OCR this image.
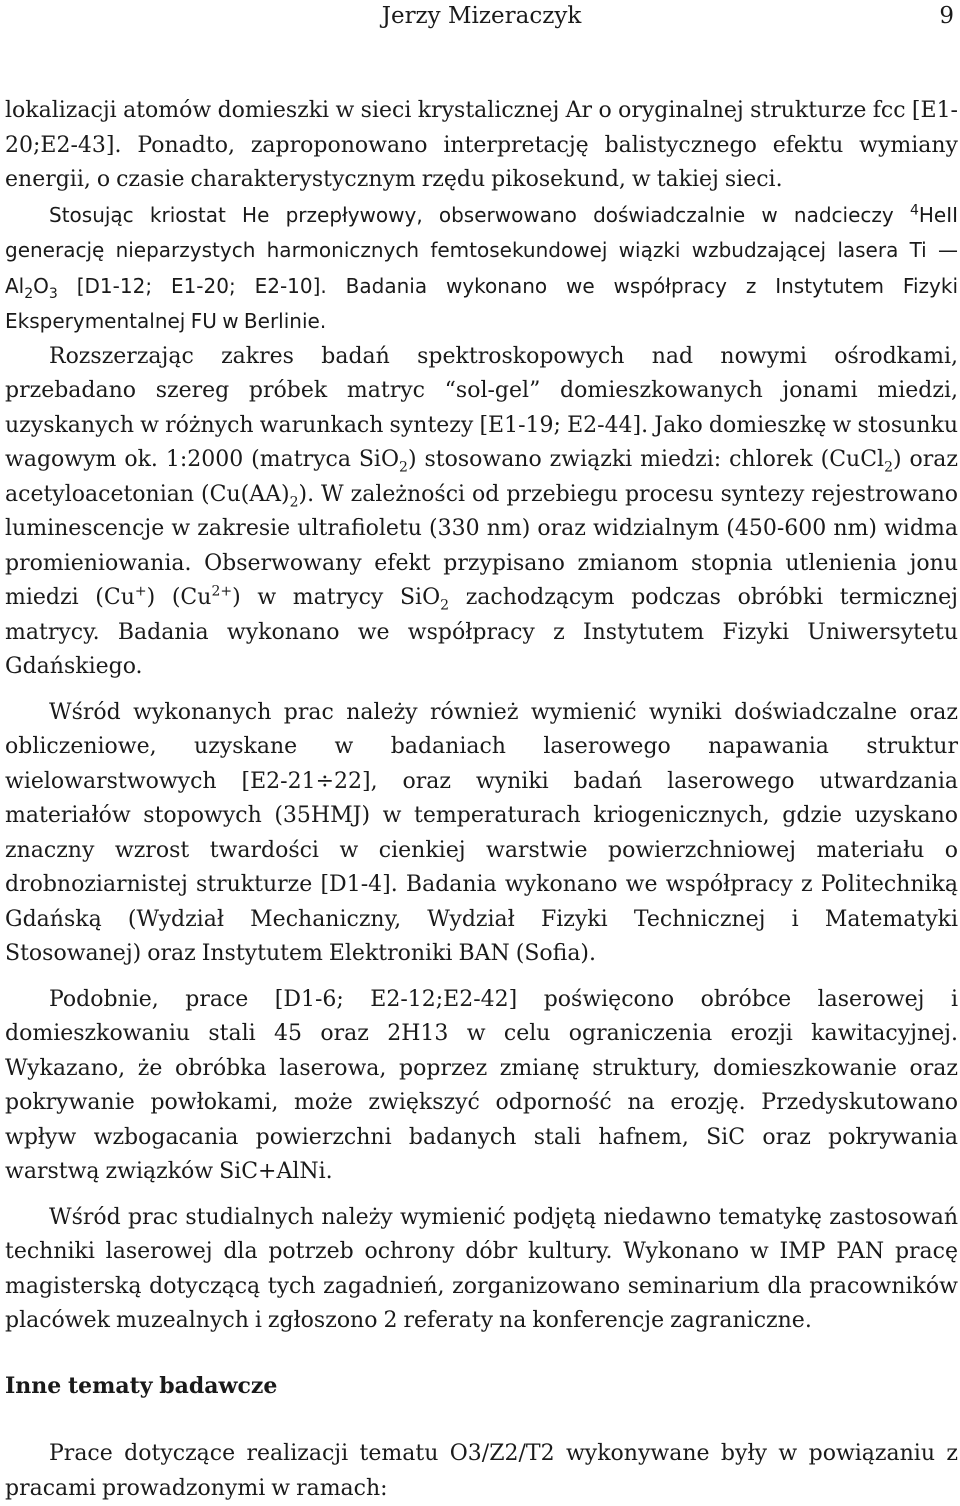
Jerzy Mizeraczyk	9

lokalizacji atomów domieszki w sieci krystalicznej Ar o oryginalnej strukturze fcc [E1-20;E2-43]. Ponadto, zaproponowano interpretację balistycznego efektu wymiany energii, o czasie charakterystycznym rzędu pikosekund, w takiej sieci.

Stosując kriostat He przepływowy, obserwowano doświadczalnie w nadcieczy $^4$HeII generację nieparzystych harmonicznych femtosekundowej wiązki wzbudzającej lasera Ti — $Al_2O_3$ [D1-12; E1-20; E2-10]. Badania wykonano we współpracy z Instytutem Fizyki Eksperymentalnej FU w Berlinie.

Rozszerzając zakres badań spektroskopowych nad nowymi ośrodkami, przebadano szereg próbek matryc “sol-gel” domieszkowanych jonami miedzi, uzyskanych w różnych warunkach syntezy [E1-19; E2-44]. Jako domieszkę w stosunku wagowym ok. 1:2000 (matryca SiO$_2$) stosowano związki miedzi: chlorek (CuCl$_2$) oraz acetyloacetonian $(Cu(AA)_2)$. W zależności od przebiegu procesu syntezy rejestrowano luminescencje w zakresie ultrafioletu (330 nm) oraz widzialnym (450-600 nm) widma promieniowania. Obserwowany efekt przypisano zmianom stopnia utlenienia jonu miedzi (Cu+) $(Cu^{2+})$ w matrycy SiO$_2$ zachodzącym podczas obróbki termicznej matrycy. Badania wykonano we współpracy z Instytutem Fizyki Uniwersytetu Gdańskiego.

Wśród wykonanych prac należy również wymienić wyniki doświadczalne oraz obliczeniowe, uzyskane w badaniach laserowego napawania struktur wielowarstwowych [E2-21÷22], oraz wyniki badań laserowego utwardzania materiałów stopowych (35HMJ) w temperaturach kriogenicznych, gdzie uzyskano znaczny wzrost twardości w cienkiej warstwie powierzchniowej materiału o drobnoziarnistej strukturze [D1-4]. Badania wykonano we współpracy z Politechniką Gdańską (Wydział Mechaniczny, Wydział Fizyki Technicznej i Matematyki Stosowanej) oraz Instytutem Elektroniki BAN (Sofia).

Podobnie, prace [D1-6; E2-12;E2-42] poświęcono obróbce laserowej i domieszkowaniu stali 45 oraz 2H13 w celu ograniczenia erozji kawitacyjnej. Wykazano, że obróbka laserowa, poprzez zmianę struktury, domieszkowanie oraz pokrywanie powłokami, może zwiększyć odporność na erozję. Przedyskutowano wpływ wzbogacania powierzchni badanych stali hafnem, SiC oraz pokrywania warstwą związków SiC+AlNi.

Wśród prac studialnych należy wymienić podjętą niedawno tematykę zastosowań techniki laserowej dla potrzeb ochrony dóbr kultury. Wykonano w IMP PAN pracę magisterską dotyczącą tych zagadnień, zorganizowano seminarium dla pracowników placówek muzealnych i zgłoszono 2 referaty na konferencje zagraniczne.

Inne tematy badawcze

Prace dotyczące realizacji tematu O3/Z2/T2 wykonywane były w powiązaniu z pracami prowadzonymi w ramach:
